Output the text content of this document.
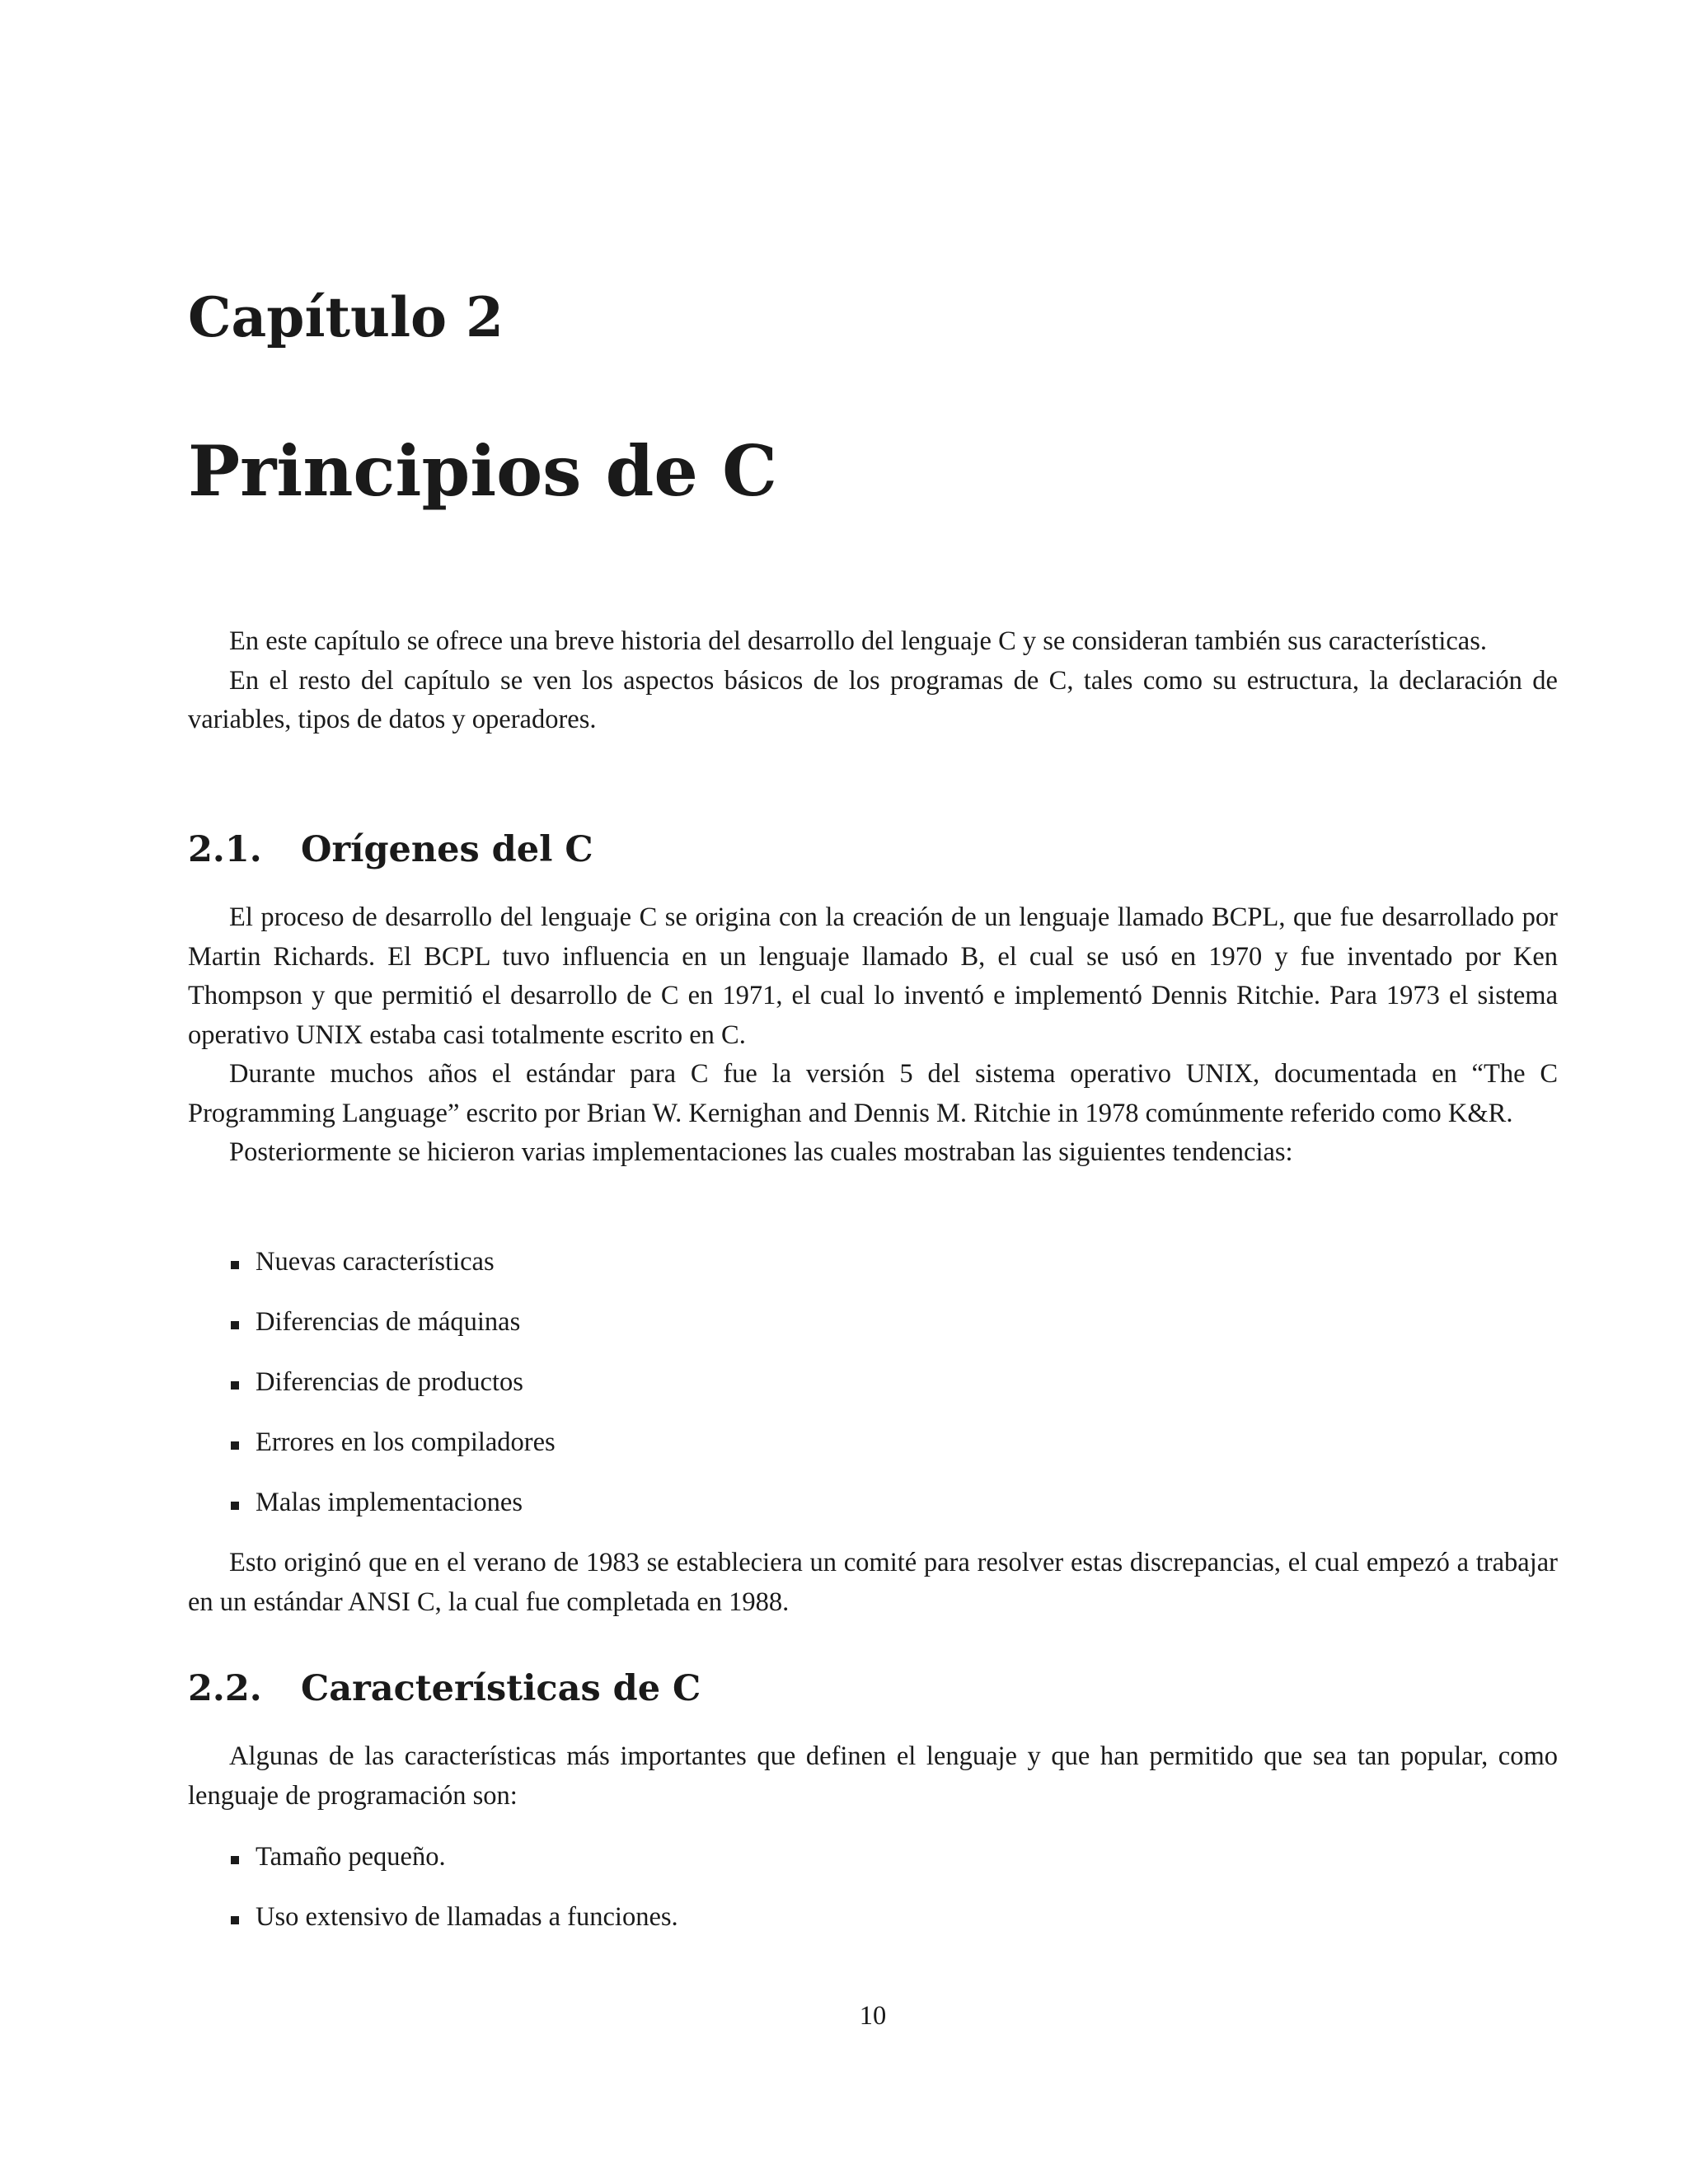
Capítulo 2
Principios de C

En este capítulo se ofrece una breve historia del desarrollo del lenguaje C y se consideran también sus características.

En el resto del capítulo se ven los aspectos básicos de los programas de C, tales como su estructura, la declaración de variables, tipos de datos y operadores.

2.1. Orígenes del C

El proceso de desarrollo del lenguaje C se origina con la creación de un lenguaje llamado BCPL, que fue desarrollado por Martin Richards. El BCPL tuvo influencia en un lenguaje llamado B, el cual se usó en 1970 y fue inventado por Ken Thompson y que permitió el desarrollo de C en 1971, el cual lo inventó e implementó Dennis Ritchie. Para 1973 el sistema operativo UNIX estaba casi totalmente escrito en C.

Durante muchos años el estándar para C fue la versión 5 del sistema operativo UNIX, documentada en “The C Programming Language” escrito por Brian W. Kernighan and Dennis M. Ritchie in 1978 comúnmente referido como K&R.

Posteriormente se hicieron varias implementaciones las cuales mostraban las siguientes tendencias:

Nuevas características
Diferencias de máquinas
Diferencias de productos
Errores en los compiladores
Malas implementaciones

Esto originó que en el verano de 1983 se estableciera un comité para resolver estas discrepancias, el cual empezó a trabajar en un estándar ANSI C, la cual fue completada en 1988.

2.2. Características de C

Algunas de las características más importantes que definen el lenguaje y que han permitido que sea tan popular, como lenguaje de programación son:

Tamaño pequeño.
Uso extensivo de llamadas a funciones.

10
